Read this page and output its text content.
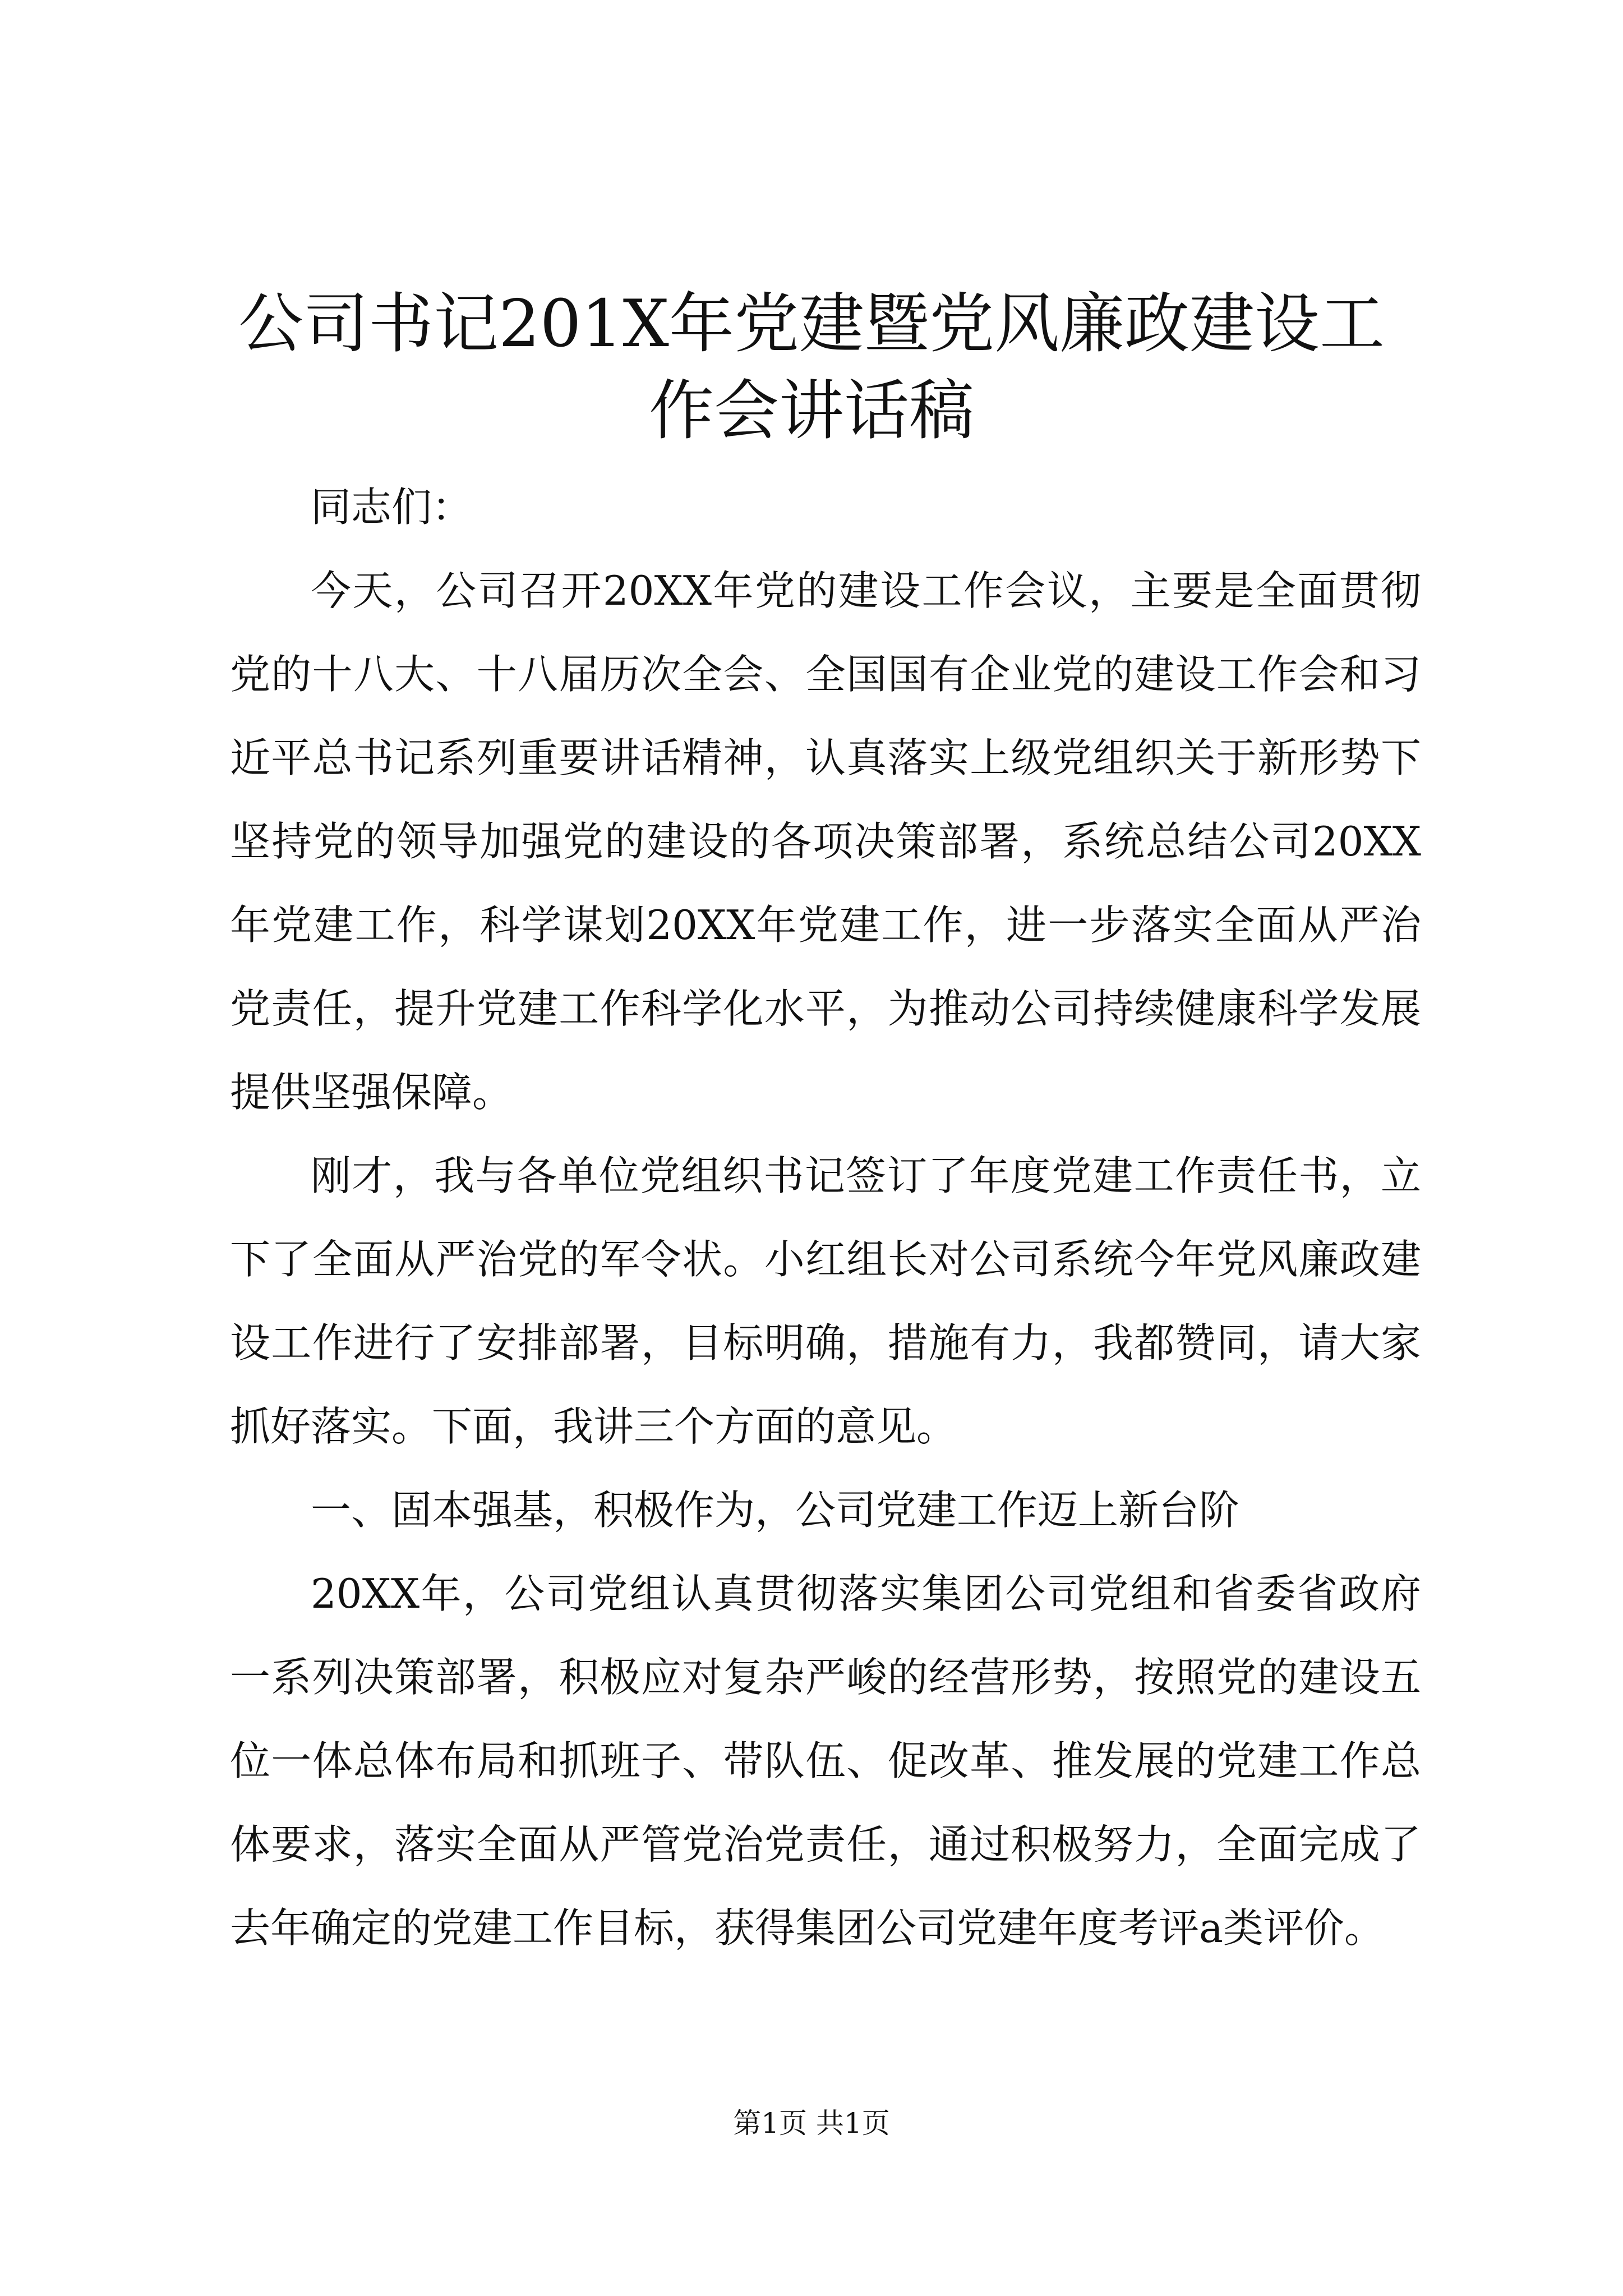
公司书记201X年党建暨党风廉政建设工作会讲话稿

同志们：

今天，公司召开20XX年党的建设工作会议，主要是全面贯彻党的十八大、十八届历次全会、全国国有企业党的建设工作会和习近平总书记系列重要讲话精神，认真落实上级党组织关于新形势下坚持党的领导加强党的建设的各项决策部署，系统总结公司20XX年党建工作，科学谋划20XX年党建工作，进一步落实全面从严治党责任，提升党建工作科学化水平，为推动公司持续健康科学发展提供坚强保障。

刚才，我与各单位党组织书记签订了年度党建工作责任书，立下了全面从严治党的军令状。小红组长对公司系统今年党风廉政建设工作进行了安排部署，目标明确，措施有力，我都赞同，请大家抓好落实。下面，我讲三个方面的意见。

一、固本强基，积极作为，公司党建工作迈上新台阶

20XX年，公司党组认真贯彻落实集团公司党组和省委省政府一系列决策部署，积极应对复杂严峻的经营形势，按照党的建设五位一体总体布局和抓班子、带队伍、促改革、推发展的党建工作总体要求，落实全面从严管党治党责任，通过积极努力，全面完成了去年确定的党建工作目标，获得集团公司党建年度考评a类评价。

第1页 共1页
